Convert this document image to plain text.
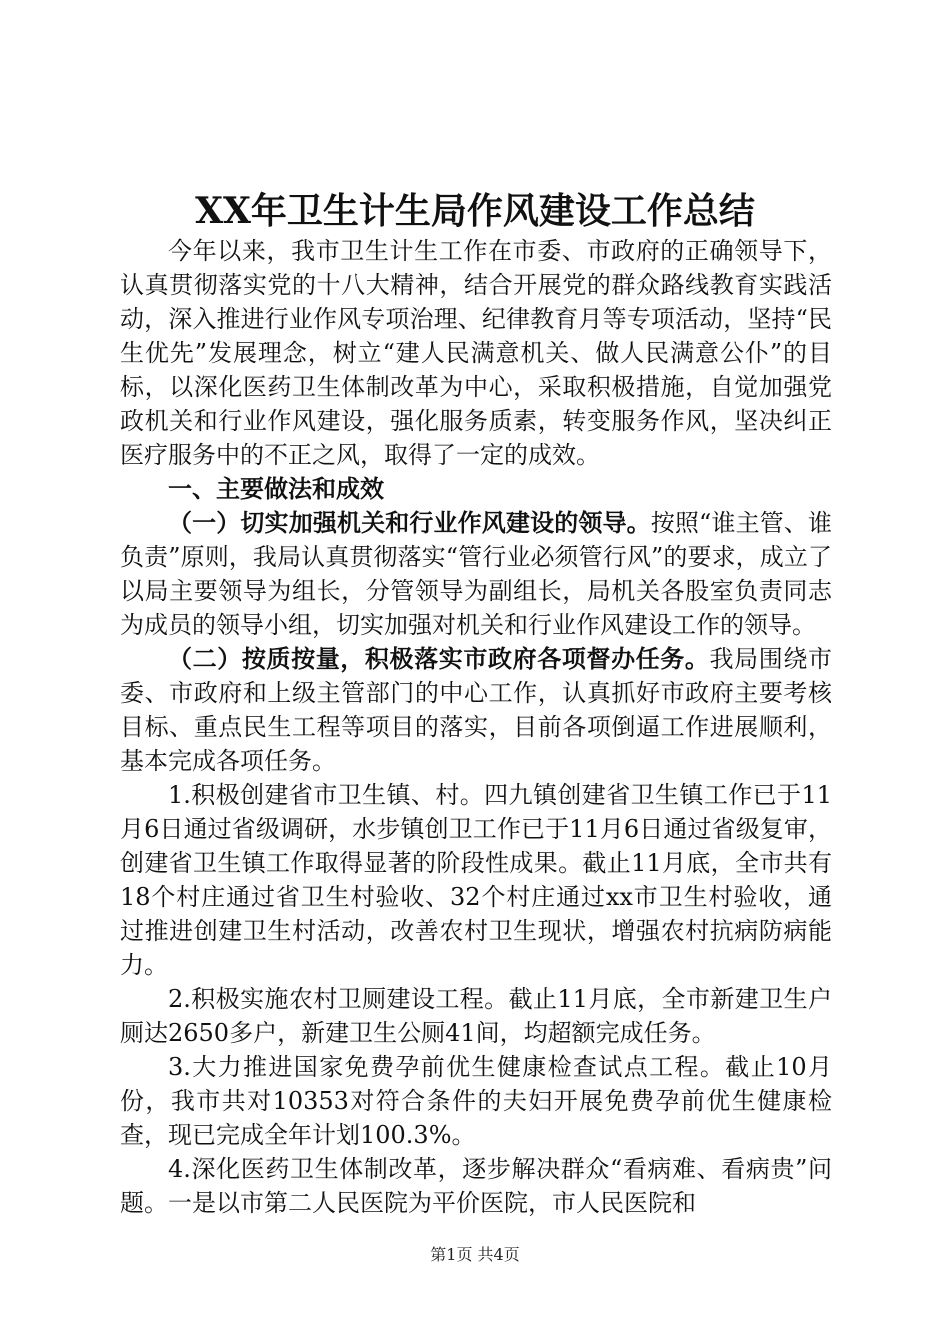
XX年卫生计生局作风建设工作总结

今年以来，我市卫生计生工作在市委、市政府的正确领导下，认真贯彻落实党的十八大精神，结合开展党的群众路线教育实践活动，深入推进行业作风专项治理、纪律教育月等专项活动，坚持“民生优先”发展理念，树立“建人民满意机关、做人民满意公仆”的目标，以深化医药卫生体制改革为中心，采取积极措施，自觉加强党政机关和行业作风建设，强化服务质素，转变服务作风，坚决纠正医疗服务中的不正之风，取得了一定的成效。

一、主要做法和成效

（一）切实加强机关和行业作风建设的领导。按照“谁主管、谁负责”原则，我局认真贯彻落实“管行业必须管行风”的要求，成立了以局主要领导为组长，分管领导为副组长，局机关各股室负责同志为成员的领导小组，切实加强对机关和行业作风建设工作的领导。

（二）按质按量，积极落实市政府各项督办任务。我局围绕市委、市政府和上级主管部门的中心工作，认真抓好市政府主要考核目标、重点民生工程等项目的落实，目前各项倒逼工作进展顺利，基本完成各项任务。

1.积极创建省市卫生镇、村。四九镇创建省卫生镇工作已于11月6日通过省级调研，水步镇创卫工作已于11月6日通过省级复审，创建省卫生镇工作取得显著的阶段性成果。截止11月底，全市共有18个村庄通过省卫生村验收、32个村庄通过xx市卫生村验收，通过推进创建卫生村活动，改善农村卫生现状，增强农村抗病防病能力。

2.积极实施农村卫厕建设工程。截止11月底，全市新建卫生户厕达2650多户，新建卫生公厕41间，均超额完成任务。

3.大力推进国家免费孕前优生健康检查试点工程。截止10月份，我市共对10353对符合条件的夫妇开展免费孕前优生健康检查，现已完成全年计划100.3%。

4.深化医药卫生体制改革，逐步解决群众“看病难、看病贵”问题。一是以市第二人民医院为平价医院，市人民医院和

第1页 共4页
